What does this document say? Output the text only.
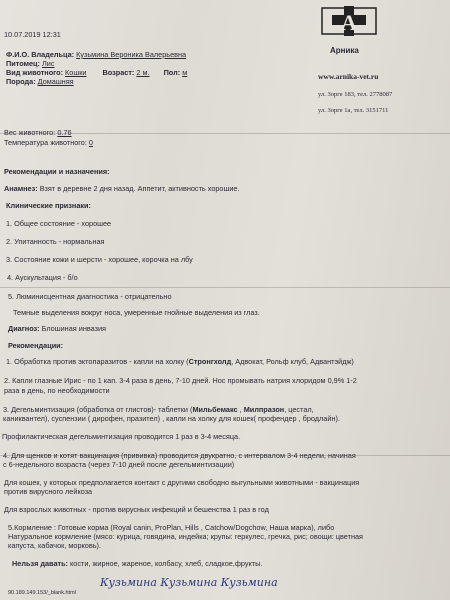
10.07.2019 12:31
Ф.И.О. Владельца: Кузьмина Вероника Валерьевна
Питомец: Лис
Вид животного: Кошки Возраст: 2 м. Пол: м
Порода: Домашняя
A
Арника
www.arnika-vet.ru
ул. Зорге 183, тел. 2778087
ул. Зорге 1а, тел. 3151711
Вес животного: 0.76
Температура животного: 0
Рекомендации и назначения:
Анамнез: Взят в деревне 2 дня назад. Аппетит, активность хорошие.
Клинические признаки:
1. Общее состояние - хорошее
2. Упитанность - нормальная
3. Состояние кожи и шерсти - хорошее, корочка на лбу
4. Аускультация - б/о
5. Люминисцентная диагностика - отрицательно
Темные выделения вокруг носа, умеренные гнойные выделения из глаз.
Диагноз: Блошиная инвазия
Рекомендации:
1. Обработка против эктопаразитов - капли на холку (Стронгхолд, Адвокат, Рольф клуб, Адвантэйдж)
2. Капли глазные Ирис - по 1 кап. 3-4 раза в день, 7-10 дней. Нос промывать натрия хлоридом 0,9% 1-2
раза в день, по необходимости
3. Дегельминтизация (обработка от глистов)- таблетки (Мильбемакс , Милпразон, цестал,
каниквантел), суспензии ( дирофен, празител) , капли на холку для кошек( профендер , бродлайн).
Профилактическая дегельминтизация проводится 1 раз в 3-4 месяца.
4. Для щенков и котят вакцинация (прививка) проводится двукратно, с интервалом 3-4 недели, начиная
с 6-недельного возраста (через 7-10 дней после дегельминтизации)
Для кошек, у которых предполагается контакт с другими свободно выгульными животными - вакцинация
против вирусного лейкоза
Для взрослых животных - против вирусных инфекций и бешенства 1 раз в год
5.Кормление : Готовые корма (Royal canin, ProPlan, Hills , Catchow/Dogchow, Наша марка), либо
Натуральное кормление (мясо: курица, говядина, индейка; крупы: геркулес, гречка, рис; овощи: цветная
капуста, кабачок, морковь).
Нельзя давать: кости, жирное, жареное, колбасу, хлеб, сладкое,фрукты.
Кузьмина Кузьмина Кузьмина
90.189.149.153/_blank.html
